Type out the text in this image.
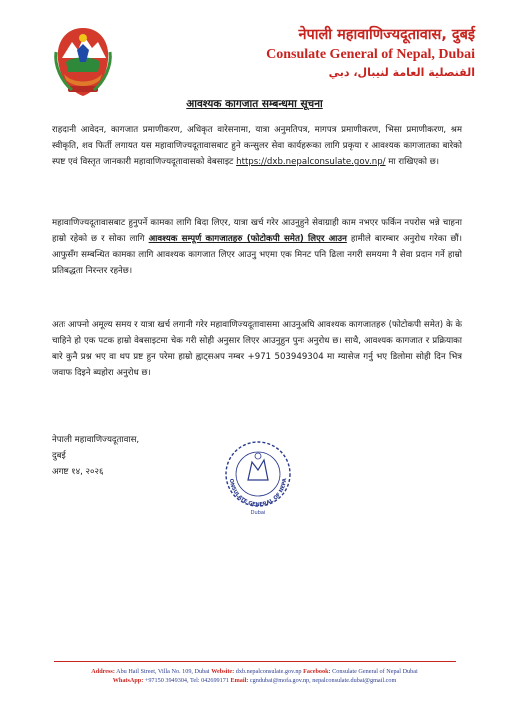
नेपाली महावाणिज्यदूतावास, दुबई
Consulate General of Nepal, Dubai
القنصلية العامة لنيبال، دبي
आवश्यक कागजात सम्बन्धमा सूचना

राहदानी आवेदन, कागजात प्रमाणीकरण, अधिकृत वारेसनामा, यात्रा अनुमतिपत्र, मागपत्र प्रमाणीकरण, भिसा प्रमाणीकरण, श्रम स्वीकृति, शव फिर्ती लगायत यस महावाणिज्यदूतावासबाट हुने कन्सुलर सेवा कार्यहरूका लागि प्रकृया र आवश्यक कागजातका बारेको स्पष्ट एवं विस्तृत जानकारी महावाणिज्यदूतावासको वेबसाइट https://dxb.nepalconsulate.gov.np/ मा राखिएको छ।

महावाणिज्यदूतावासबाट हुनुपर्ने कामका लागि बिदा लिएर, यात्रा खर्च गरेर आउनुहुने सेवाग्राही काम नभएर फर्किन नपरोस भन्ने चाहना हाम्रो रहेको छ र सोका लागि आवश्यक सम्पूर्ण कागजातहरु (फोटोकपी समेत) लिएर आउन हामीले बारम्बार अनुरोध गरेका छौं। आफुसँग सम्बन्धित कामका लागि आवश्यक कागजात लिएर आउनु भएमा एक मिनट पनि ढिला नगरी समयमा नै सेवा प्रदान गर्ने हाम्रो प्रतिबद्धता निरन्तर रहनेछ।

अतः आफ्नो अमूल्य समय र यात्रा खर्च लगानी गरेर महावाणिज्यदूतावासमा आउनुअघि आवश्यक कागजातहरु (फोटोकपी समेत) के के चाहिने हो एक पटक हाम्रो वेबसाइटमा चेक गरी सोही अनुसार लिएर आउनुहुन पुनः अनुरोध छ। साथै, आवश्यक कागजात र प्रक्रियाका बारे कुनै प्रश्न भए वा थप प्रष्ट हुन परेमा हाम्रो ह्वाट्सअप नम्बर +971 503949304 मा म्यासेज गर्नु भए डिलोमा सोही दिन भित्र जवाफ दिइने ब्यहोरा अनुरोध छ।

नेपाली महावाणिज्यदूतावास,
दुबई
अगष्ट १४, २०२६
ONSULATE GENERAL OF NEPA
Dubai
Address: Abu Hail Street, Villa No. 109, Dubai Website: dxb.nepalconsulate.gov.np Facebook: Consulate General of Nepal Dubai
WhatsApp: +97150 3949304, Tel: 042699171 Email: cgndubai@mofa.gov.np, nepalconsulate.dubai@gmail.com
